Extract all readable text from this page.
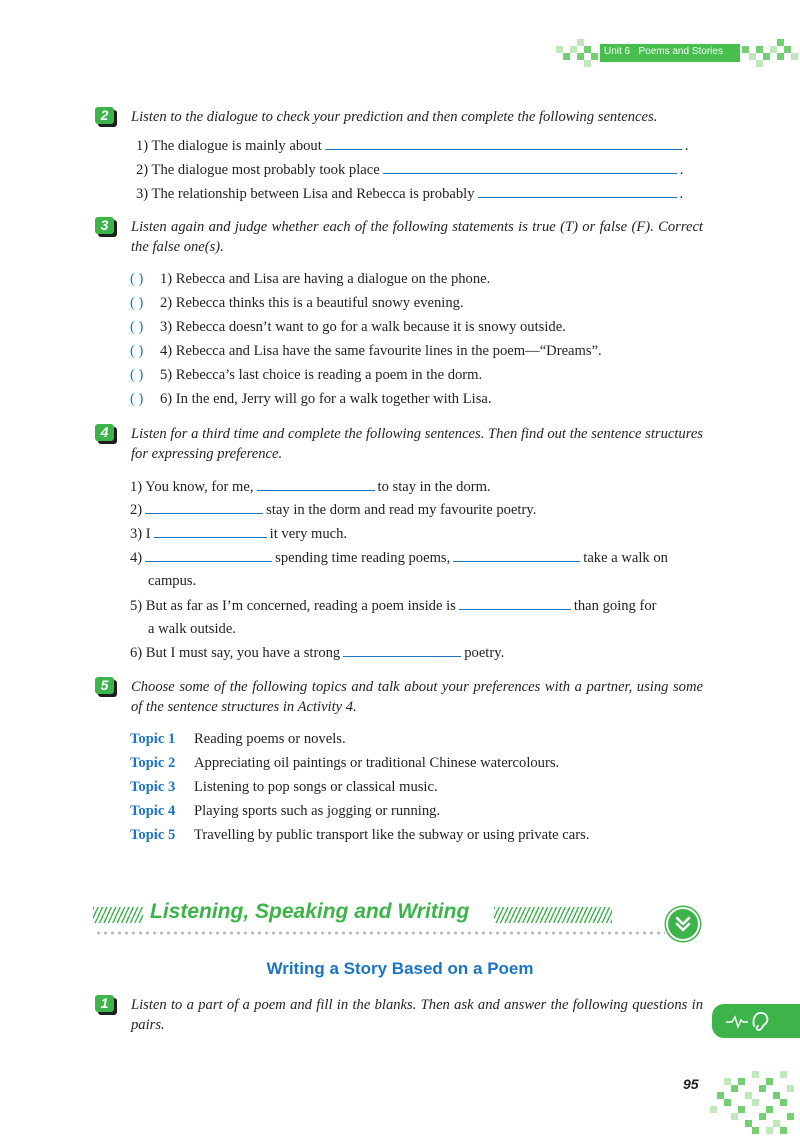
Unit 6 Poems and Stories
2	Listen to the dialogue to check your prediction and then complete the following sentences.
1) The dialogue is mainly about	.
2) The dialogue most probably took place	.
3) The relationship between Lisa and Rebecca is probably	.
3	Listen again and judge whether each of the following statements is true (T) or false (F). Correct the false one(s).
( ) 1) Rebecca and Lisa are having a dialogue on the phone.
( ) 2) Rebecca thinks this is a beautiful snowy evening.
( ) 3) Rebecca doesn’t want to go for a walk because it is snowy outside.
( ) 4) Rebecca and Lisa have the same favourite lines in the poem—“Dreams”.
( ) 5) Rebecca’s last choice is reading a poem in the dorm.
( ) 6) In the end, Jerry will go for a walk together with Lisa.
4	Listen for a third time and complete the following sentences. Then find out the sentence structures for expressing preference.
1) You know, for me,	to stay in the dorm.
2)	stay in the dorm and read my favourite poetry.
3) I	it very much.
4)	spending time reading poems,	take a walk on
campus.
5) But as far as I’m concerned, reading a poem inside is	than going for
a walk outside.
6) But I must say, you have a strong	poetry.
5	Choose some of the following topics and talk about your preferences with a partner, using some of the sentence structures in Activity 4.
Topic 1 Reading poems or novels.
Topic 2 Appreciating oil paintings or traditional Chinese watercolours.
Topic 3 Listening to pop songs or classical music.
Topic 4 Playing sports such as jogging or running.
Topic 5 Travelling by public transport like the subway or using private cars.
Listening, Speaking and Writing
Writing a Story Based on a Poem
1	Listen to a part of a poem and fill in the blanks. Then ask and answer the following questions in pairs.
95
